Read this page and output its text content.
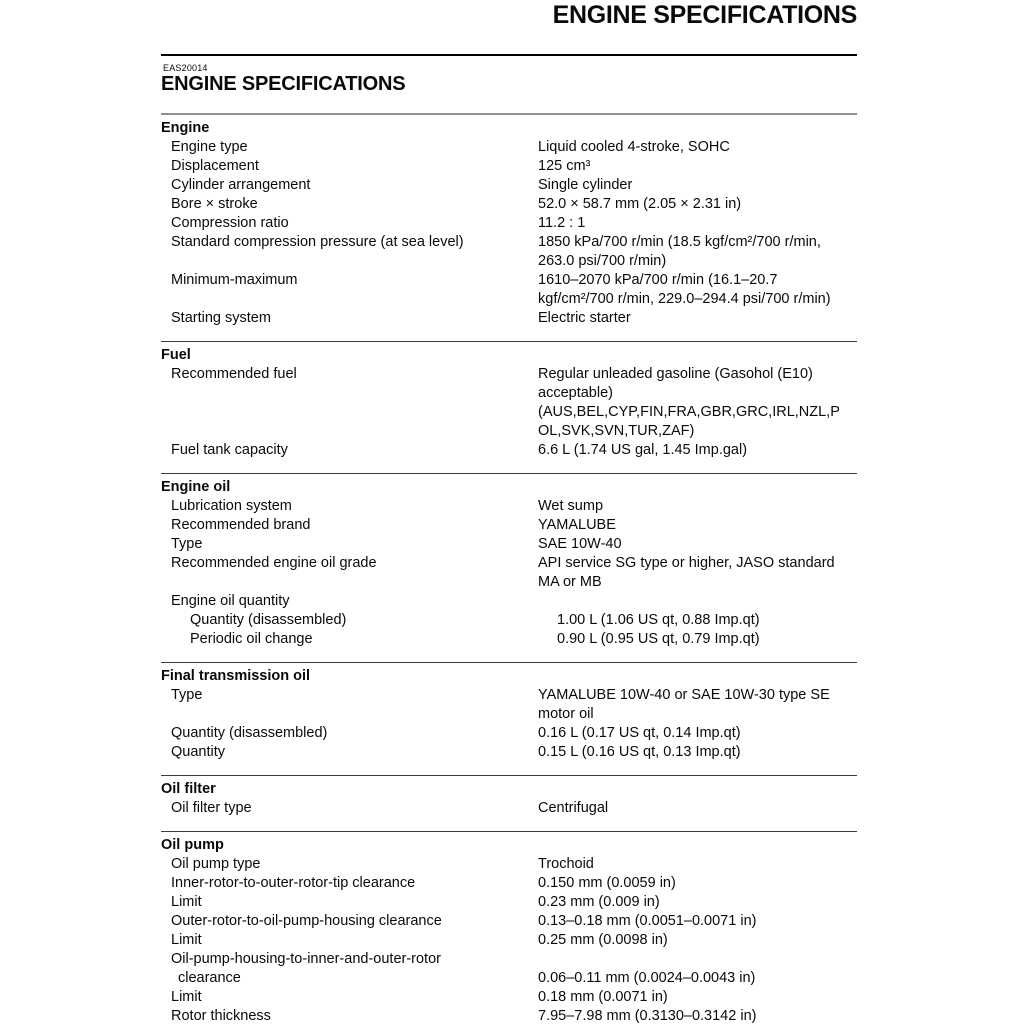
ENGINE SPECIFICATIONS
EAS20014
ENGINE SPECIFICATIONS
Engine
Engine type	Liquid cooled 4-stroke, SOHC
Displacement	125 cm³
Cylinder arrangement	Single cylinder
Bore × stroke	52.0 × 58.7 mm (2.05 × 2.31 in)
Compression ratio	11.2 : 1
Standard compression pressure (at sea level)	1850 kPa/700 r/min (18.5 kgf/cm²/700 r/min,
263.0 psi/700 r/min)
Minimum-maximum	1610–2070 kPa/700 r/min (16.1–20.7
kgf/cm²/700 r/min, 229.0–294.4 psi/700 r/min)
Starting system	Electric starter
Fuel
Recommended fuel	Regular unleaded gasoline (Gasohol (E10)
acceptable)
(AUS,BEL,CYP,FIN,FRA,GBR,GRC,IRL,NZL,P
OL,SVK,SVN,TUR,ZAF)
Fuel tank capacity	6.6 L (1.74 US gal, 1.45 Imp.gal)
Engine oil
Lubrication system	Wet sump
Recommended brand	YAMALUBE
Type	SAE 10W-40
Recommended engine oil grade	API service SG type or higher, JASO standard
MA or MB
Engine oil quantity
Quantity (disassembled)	1.00 L (1.06 US qt, 0.88 Imp.qt)
Periodic oil change	0.90 L (0.95 US qt, 0.79 Imp.qt)
Final transmission oil
Type	YAMALUBE 10W-40 or SAE 10W-30 type SE
motor oil
Quantity (disassembled)	0.16 L (0.17 US qt, 0.14 Imp.qt)
Quantity	0.15 L (0.16 US qt, 0.13 Imp.qt)
Oil filter
Oil filter type	Centrifugal
Oil pump
Oil pump type	Trochoid
Inner-rotor-to-outer-rotor-tip clearance	0.150 mm (0.0059 in)
Limit	0.23 mm (0.009 in)
Outer-rotor-to-oil-pump-housing clearance	0.13–0.18 mm (0.0051–0.0071 in)
Limit	0.25 mm (0.0098 in)
Oil-pump-housing-to-inner-and-outer-rotor
clearance	0.06–0.11 mm (0.0024–0.0043 in)
Limit	0.18 mm (0.0071 in)
Rotor thickness	7.95–7.98 mm (0.3130–0.3142 in)
